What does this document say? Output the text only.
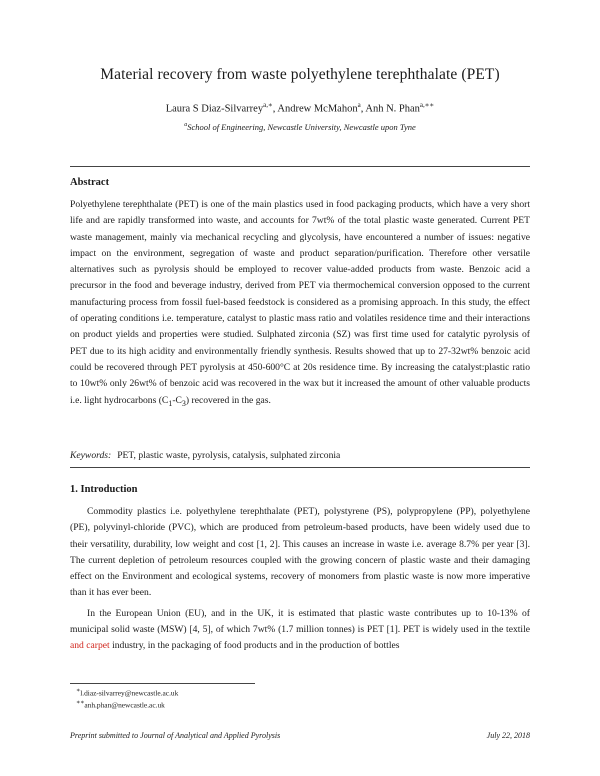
Material recovery from waste polyethylene terephthalate (PET)
Laura S Diaz-Silvarrey$^{a,∗}$, Andrew McMahon$^a$, Anh N. Phan$^{a,∗∗}$
$^a$School of Engineering, Newcastle University, Newcastle upon Tyne
Abstract
Polyethylene terephthalate (PET) is one of the main plastics used in food packaging products, which have a very short life and are rapidly transformed into waste, and accounts for 7wt% of the total plastic waste generated. Current PET waste management, mainly via mechanical recycling and glycolysis, have encountered a number of issues: negative impact on the environment, segregation of waste and product separation/purification. Therefore other versatile alternatives such as pyrolysis should be employed to recover value-added products from waste. Benzoic acid a precursor in the food and beverage industry, derived from PET via thermochemical conversion opposed to the current manufacturing process from fossil fuel-based feedstock is considered as a promising approach. In this study, the effect of operating conditions i.e. temperature, catalyst to plastic mass ratio and volatiles residence time and their interactions on product yields and properties were studied. Sulphated zirconia (SZ) was first time used for catalytic pyrolysis of PET due to its high acidity and environmentally friendly synthesis. Results showed that up to 27-32wt% benzoic acid could be recovered through PET pyrolysis at 450-600°C at 20s residence time. By increasing the catalyst:plastic ratio to 10wt% only 26wt% of benzoic acid was recovered in the wax but it increased the amount of other valuable products i.e. light hydrocarbons $(C_1-C_3)$ recovered in the gas.
Keywords: PET, plastic waste, pyrolysis, catalysis, sulphated zirconia
1. Introduction

Commodity plastics i.e. polyethylene terephthalate (PET), polystyrene (PS), polypropylene (PP), polyethylene (PE), polyvinyl-chloride (PVC), which are produced from petroleum-based products, have been widely used due to their versatility, durability, low weight and cost [1, 2]. This causes an increase in waste i.e. average 8.7% per year [3]. The current depletion of petroleum resources coupled with the growing concern of plastic waste and their damaging effect on the Environment and ecological systems, recovery of monomers from plastic waste is now more imperative than it has ever been.

In the European Union (EU), and in the UK, it is estimated that plastic waste contributes up to 10-13% of municipal solid waste (MSW) [4, 5], of which 7wt% (1.7 million tonnes) is PET [1]. PET is widely used in the textile and carpet industry, in the packaging of food products and in the production of bottles

∗l.diaz-silvarrey@newcastle.ac.uk
∗∗anh.phan@newcastle.ac.uk
Preprint submitted to Journal of Analytical and Applied Pyrolysis	July 22, 2018
